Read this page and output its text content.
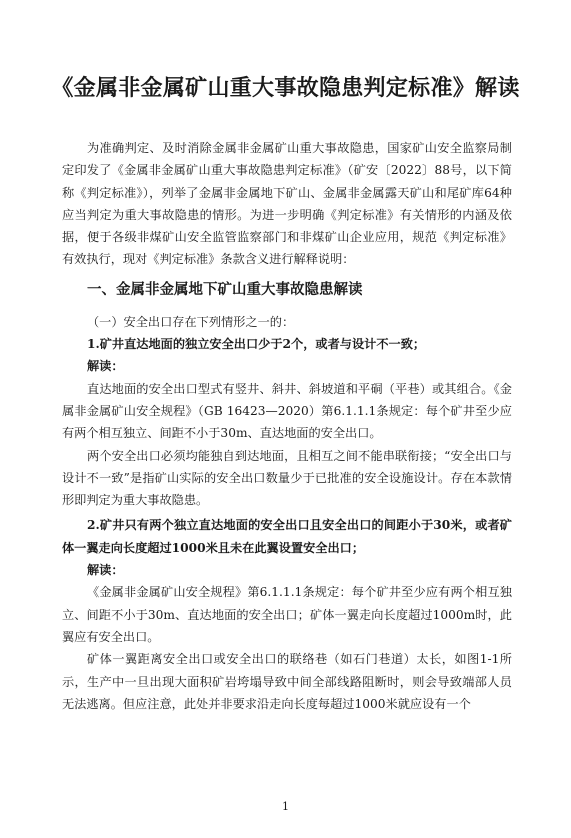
《金属非金属矿山重大事故隐患判定标准》解读

为准确判定、及时消除金属非金属矿山重大事故隐患，国家矿山安全监察局制定印发了《金属非金属矿山重大事故隐患判定标准》（矿安〔2022〕88号，以下简称《判定标准》），列举了金属非金属地下矿山、金属非金属露天矿山和尾矿库64种应当判定为重大事故隐患的情形。为进一步明确《判定标准》有关情形的内涵及依据，便于各级非煤矿山安全监管监察部门和非煤矿山企业应用，规范《判定标准》有效执行，现对《判定标准》条款含义进行解释说明：

一、金属非金属地下矿山重大事故隐患解读

（一）安全出口存在下列情形之一的：

1.矿井直达地面的独立安全出口少于2个，或者与设计不一致；

解读：

直达地面的安全出口型式有竖井、斜井、斜坡道和平硐（平巷）或其组合。《金属非金属矿山安全规程》（GB 16423—2020）第6.1.1.1条规定：每个矿井至少应有两个相互独立、间距不小于30m、直达地面的安全出口。

两个安全出口必须均能独自到达地面，且相互之间不能串联衔接；“安全出口与设计不一致”是指矿山实际的安全出口数量少于已批准的安全设施设计。存在本款情形即判定为重大事故隐患。

2.矿井只有两个独立直达地面的安全出口且安全出口的间距小于30米，或者矿体一翼走向长度超过1000米且未在此翼设置安全出口；

解读：

《金属非金属矿山安全规程》第6.1.1.1条规定：每个矿井至少应有两个相互独立、间距不小于30m、直达地面的安全出口；矿体一翼走向长度超过1000m时，此翼应有安全出口。

矿体一翼距离安全出口或安全出口的联络巷（如石门巷道）太长，如图1-1所示，生产中一旦出现大面积矿岩垮塌导致中间全部线路阻断时，则会导致端部人员无法逃离。但应注意，此处并非要求沿走向长度每超过1000米就应设有一个

1
